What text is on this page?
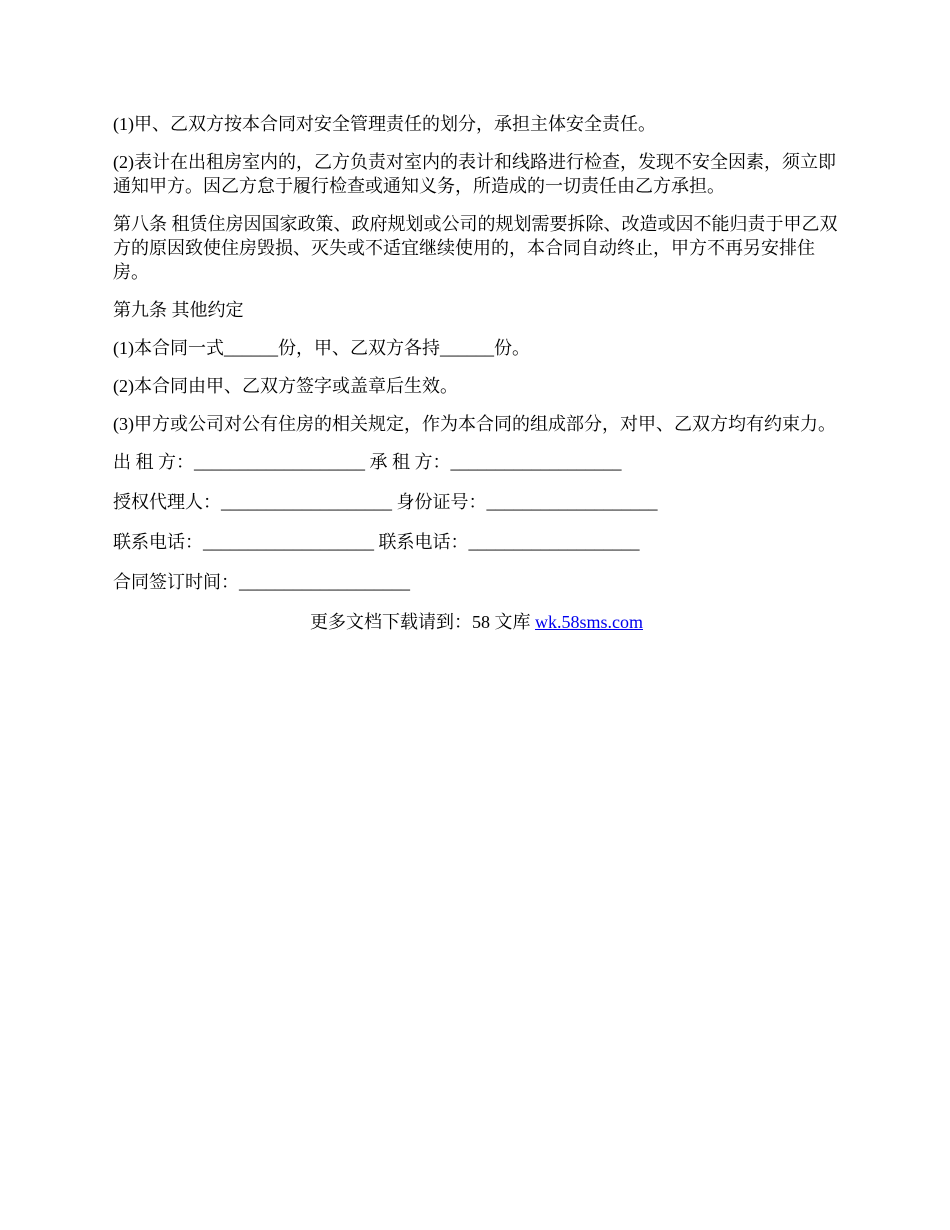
(1)甲、乙双方按本合同对安全管理责任的划分，承担主体安全责任。

(2)表计在出租房室内的，乙方负责对室内的表计和线路进行检查，发现不安全因素，须立即通知甲方。因乙方怠于履行检查或通知义务，所造成的一切责任由乙方承担。

第八条 租赁住房因国家政策、政府规划或公司的规划需要拆除、改造或因不能归责于甲乙双方的原因致使住房毁损、灭失或不适宜继续使用的，本合同自动终止，甲方不再另安排住房。

第九条 其他约定

(1)本合同一式______份，甲、乙双方各持______份。

(2)本合同由甲、乙双方签字或盖章后生效。

(3)甲方或公司对公有住房的相关规定，作为本合同的组成部分，对甲、乙双方均有约束力。

出 租 方：___________________ 承 租 方：___________________
授权代理人：___________________ 身份证号：___________________
联系电话：___________________ 联系电话：___________________
合同签订时间：___________________
更多文档下载请到：58 文库 wk.58sms.com
